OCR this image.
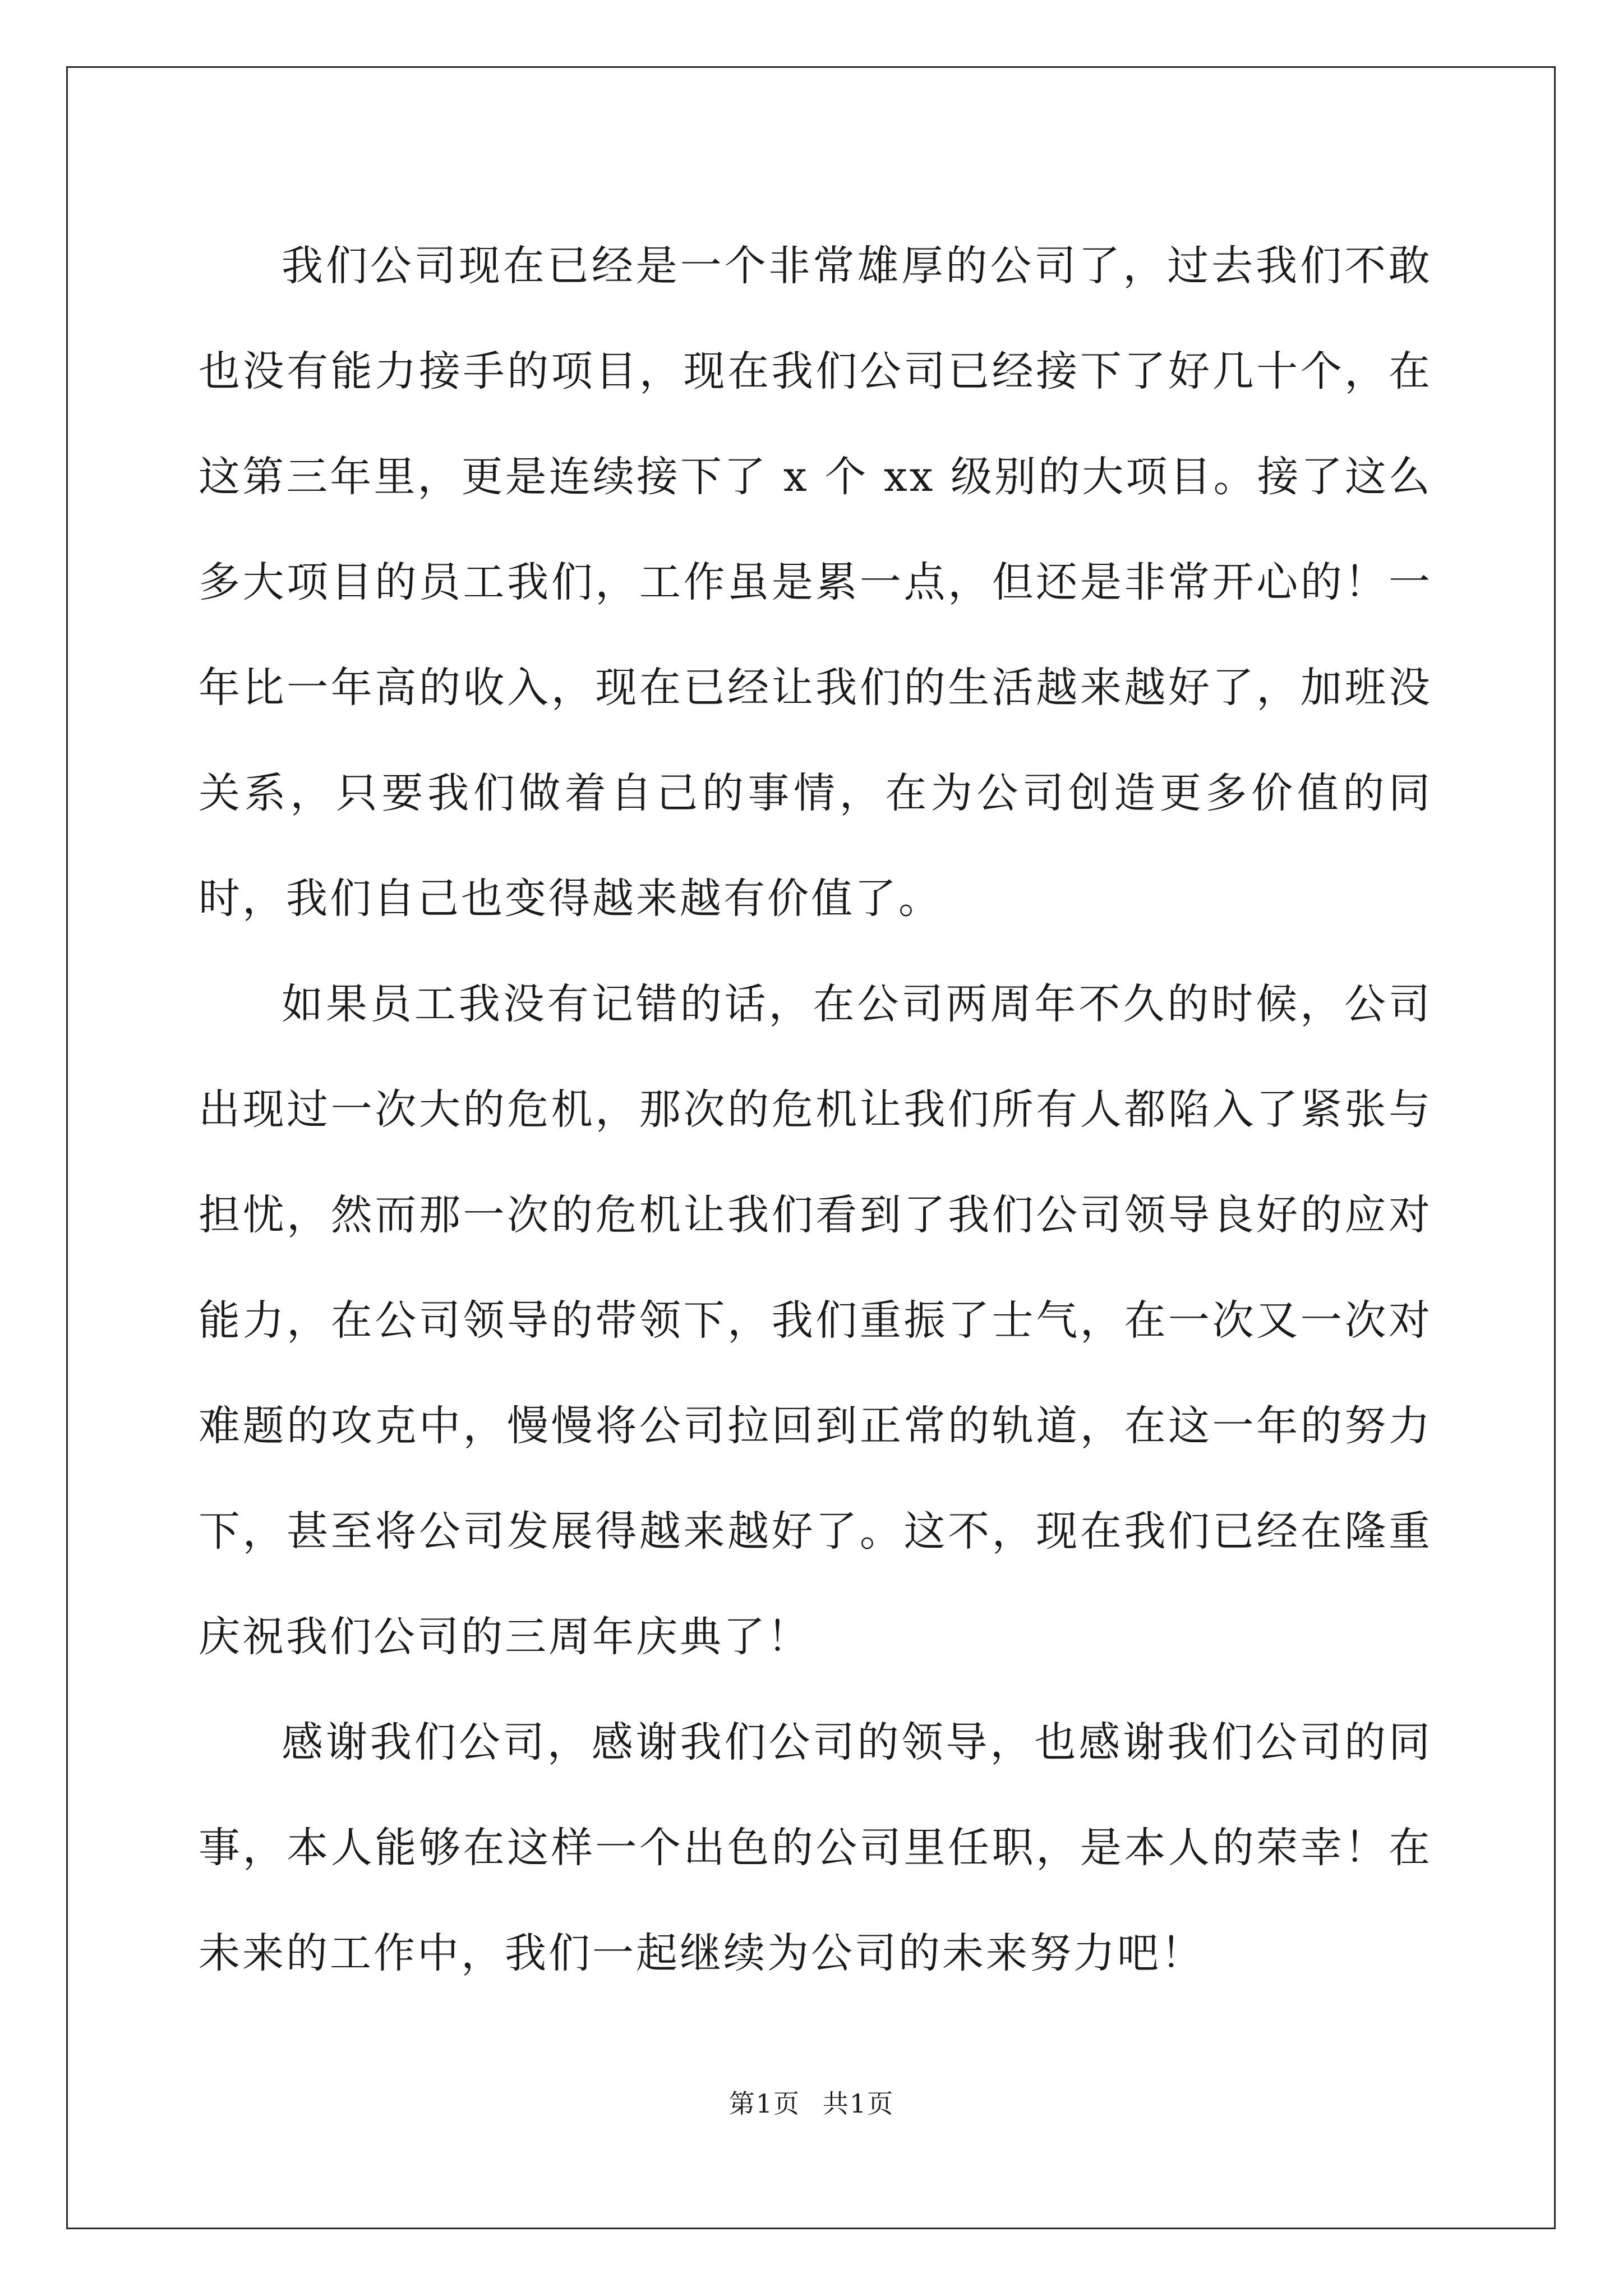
我们公司现在已经是一个非常雄厚的公司了，过去我们不敢也没有能力接手的项目，现在我们公司已经接下了好几十个，在这第三年里，更是连续接下了 x 个 xx 级别的大项目。接了这么多大项目的员工我们，工作虽是累一点，但还是非常开心的！一年比一年高的收入，现在已经让我们的生活越来越好了，加班没关系，只要我们做着自己的事情，在为公司创造更多价值的同时，我们自己也变得越来越有价值了。

如果员工我没有记错的话，在公司两周年不久的时候，公司出现过一次大的危机，那次的危机让我们所有人都陷入了紧张与担忧，然而那一次的危机让我们看到了我们公司领导良好的应对能力，在公司领导的带领下，我们重振了士气，在一次又一次对难题的攻克中，慢慢将公司拉回到正常的轨道，在这一年的努力下，甚至将公司发展得越来越好了。这不，现在我们已经在隆重庆祝我们公司的三周年庆典了！

感谢我们公司，感谢我们公司的领导，也感谢我们公司的同事，本人能够在这样一个出色的公司里任职，是本人的荣幸！在未来的工作中，我们一起继续为公司的未来努力吧！

第1页 共1页
